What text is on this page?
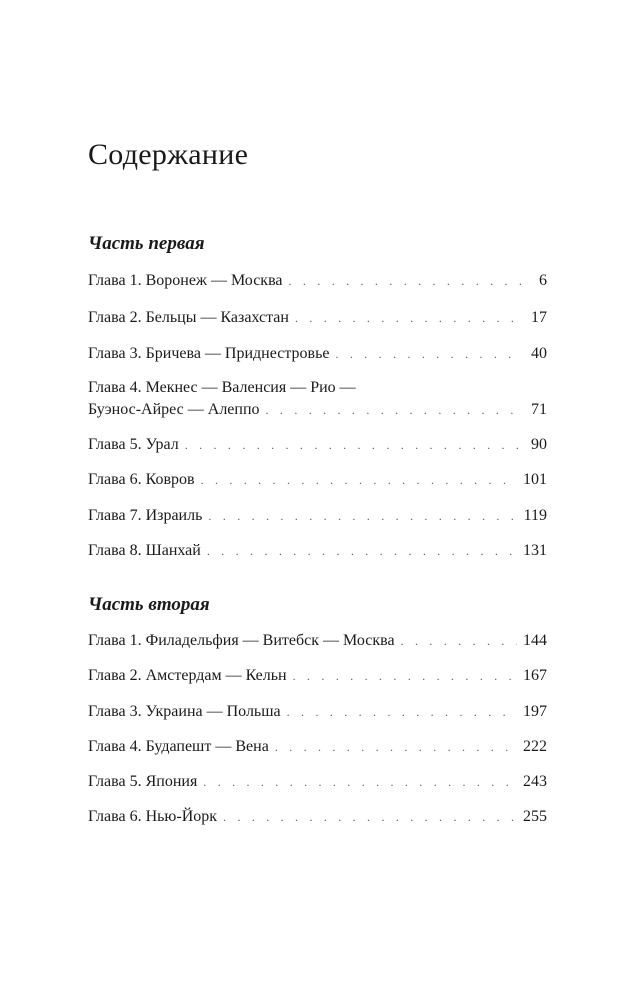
Содержание
Часть первая
Глава 1. Воронеж — Москва . . .	6
Глава 2. Бельцы — Казахстан . . .	17
Глава 3. Бричева — Приднестровье . . .	40
Глава 4. Мекнес — Валенсия — Рио —
Буэнос-Айрес — Алеппо . . .	71
Глава 5. Урал . . .	90
Глава 6. Ковров . . .	101
Глава 7. Израиль . . .	119
Глава 8. Шанхай . . .	131
Часть вторая
Глава 1. Филадельфия — Витебск — Москва . . .	144
Глава 2. Амстердам — Кельн . . .	167
Глава 3. Украина — Польша . . .	197
Глава 4. Будапешт — Вена . . .	222
Глава 5. Япония . . .	243
Глава 6. Нью-Йорк . . .	255
